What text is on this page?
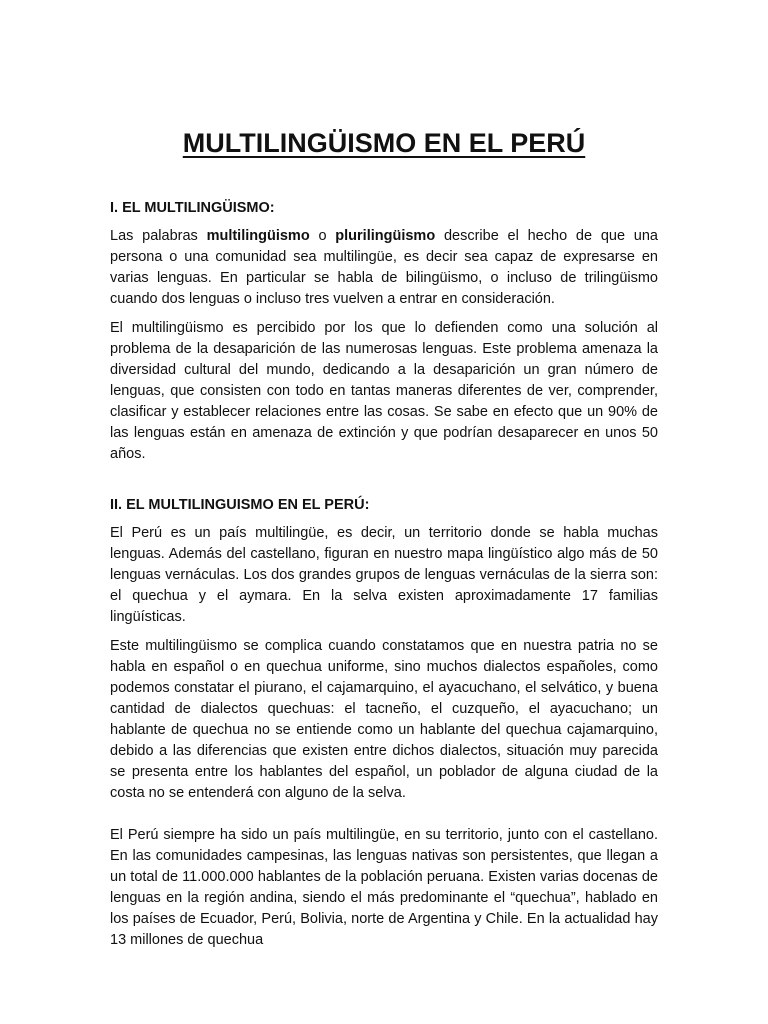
MULTILINGÜISMO EN EL PERÚ
I. EL MULTILINGÜISMO:

Las palabras multilingüismo o plurilingüismo describe el hecho de que una persona o una comunidad sea multilingüe, es decir sea capaz de expresarse en varias lenguas. En particular se habla de bilingüismo, o incluso de trilingüismo cuando dos lenguas o incluso tres vuelven a entrar en consideración.

El multilingüismo es percibido por los que lo defienden como una solución al problema de la desaparición de las numerosas lenguas. Este problema amenaza la diversidad cultural del mundo, dedicando a la desaparición un gran número de lenguas, que consisten con todo en tantas maneras diferentes de ver, comprender, clasificar y establecer relaciones entre las cosas. Se sabe en efecto que un 90% de las lenguas están en amenaza de extinción y que podrían desaparecer en unos 50 años.

II. EL MULTILINGUISMO EN EL PERÚ:

El Perú es un país multilingüe, es decir, un territorio donde se habla muchas lenguas. Además del castellano, figuran en nuestro mapa lingüístico algo más de 50 lenguas vernáculas. Los dos grandes grupos de lenguas vernáculas de la sierra son: el quechua y el aymara. En la selva existen aproximadamente 17 familias lingüísticas.

Este multilingüismo se complica cuando constatamos que en nuestra patria no se habla en español o en quechua uniforme, sino muchos dialectos españoles, como podemos constatar el piurano, el cajamarquino, el ayacuchano, el selvático, y buena cantidad de dialectos quechuas: el tacneño, el cuzqueño, el ayacuchano; un hablante de quechua no se entiende como un hablante del quechua cajamarquino, debido a las diferencias que existen entre dichos dialectos, situación muy parecida se presenta entre los hablantes del español, un poblador de alguna ciudad de la costa no se entenderá con alguno de la selva.

El Perú siempre ha sido un país multilingüe, en su territorio, junto con el castellano. En las comunidades campesinas, las lenguas nativas son persistentes, que llegan a un total de 11.000.000 hablantes de la población peruana. Existen varias docenas de lenguas en la región andina, siendo el más predominante el “quechua”, hablado en los países de Ecuador, Perú, Bolivia, norte de Argentina y Chile. En la actualidad hay 13 millones de quechua
